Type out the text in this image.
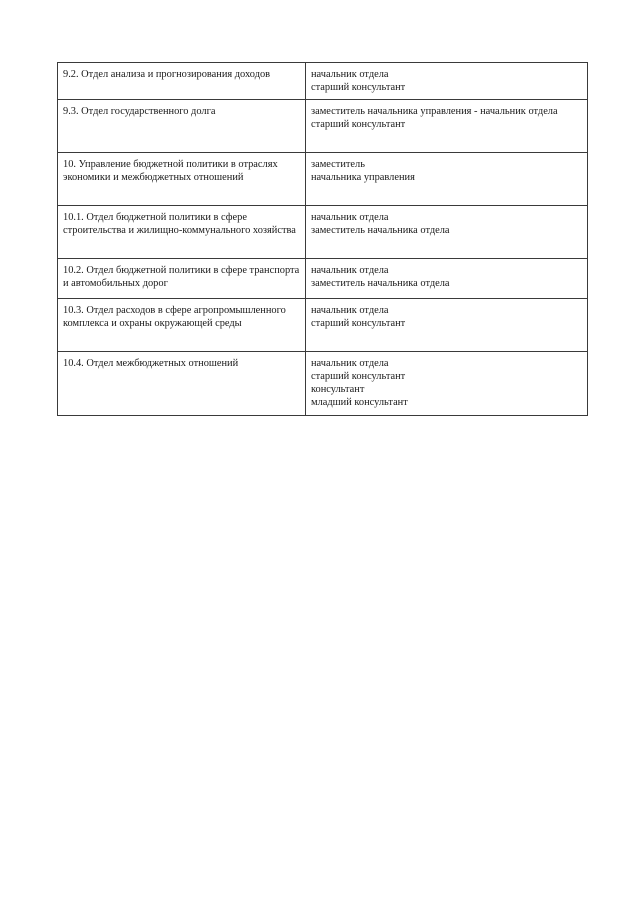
9.2. Отдел анализа и прогнозирования доходов	начальник отдела
старший консультант

9.3. Отдел государственного долга	заместитель начальника управления - начальник отдела
старший консультант

10. Управление бюджетной политики в отраслях экономики и межбюджетных отношений	заместитель
начальника управления

10.1. Отдел бюджетной политики в сфере строительства и жилищно-коммунального хозяйства	начальник отдела
заместитель начальника отдела

10.2. Отдел бюджетной политики в сфере транспорта и автомобильных дорог	начальник отдела
заместитель начальника отдела

10.3. Отдел расходов в сфере агропромышленного комплекса и охраны окружающей среды	начальник отдела
старший консультант

10.4. Отдел межбюджетных отношений	начальник отдела
старший консультант
консультант
младший консультант
